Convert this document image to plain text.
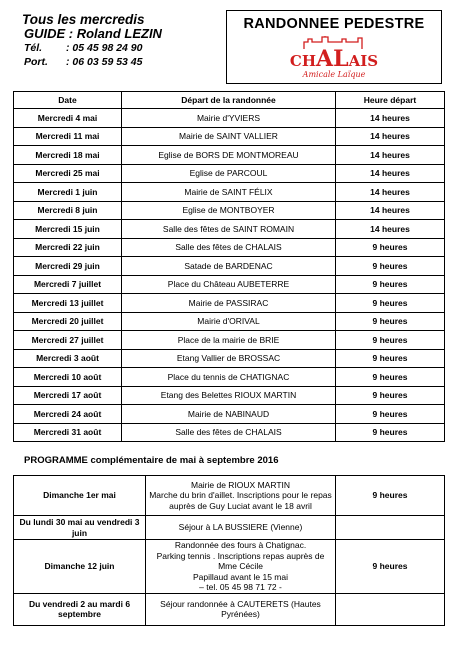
Tous les mercredis
GUIDE : Roland LEZIN
Tél. : 05 45 98 24 90
Port. : 06 03 59 53 45
RANDONNEE PEDESTRE
CHALAIS
Amicale Laïque
Date	Départ de la randonnée	Heure départ
Mercredi 4 mai	Mairie d'YVIERS	14 heures
Mercredi 11 mai	Mairie de SAINT VALLIER	14 heures
Mercredi 18 mai	Eglise de BORS DE MONTMOREAU	14 heures
Mercredi 25 mai	Eglise de PARCOUL	14 heures
Mercredi 1 juin	Mairie de SAINT FÉLIX	14 heures
Mercredi 8 juin	Eglise de MONTBOYER	14 heures
Mercredi 15 juin	Salle des fêtes de SAINT ROMAIN	14 heures
Mercredi 22 juin	Salle des fêtes de CHALAIS	9 heures
Mercredi 29 juin	Satade de BARDENAC	9 heures
Mercredi 7 juillet	Place du Château AUBETERRE	9 heures
Mercredi 13 juillet	Mairie de PASSIRAC	9 heures
Mercredi 20 juillet	Mairie d'ORIVAL	9 heures
Mercredi 27 juillet	Place de la mairie de BRIE	9 heures
Mercredi 3 août	Etang Vallier de BROSSAC	9 heures
Mercredi 10 août	Place du tennis de CHATIGNAC	9 heures
Mercredi 17 août	Etang des Belettes RIOUX MARTIN	9 heures
Mercredi 24 août	Mairie de NABINAUD	9 heures
Mercredi 31 août	Salle des fêtes de CHALAIS	9 heures
PROGRAMME complémentaire de mai à septembre 2016
Dimanche 1er mai	Mairie de RIOUX MARTIN
Marche du brin d'aillet. Inscriptions pour le repas
auprès de Guy Luciat avant le 18 avril	9 heures
Du lundi 30 mai au vendredi 3 juin	Séjour à LA BUSSIERE (Vienne)	

Dimanche 12 juin	Randonnée des fours à Chatignac.
Parking tennis . Inscriptions repas auprès de Mme Cécile
Papillaud avant le 15 mai
– tel. 05 45 98 71 72 -	9 heures
Du vendredi 2 au mardi 6 septembre	Séjour randonnée à CAUTERETS (Hautes Pyrénées)	
